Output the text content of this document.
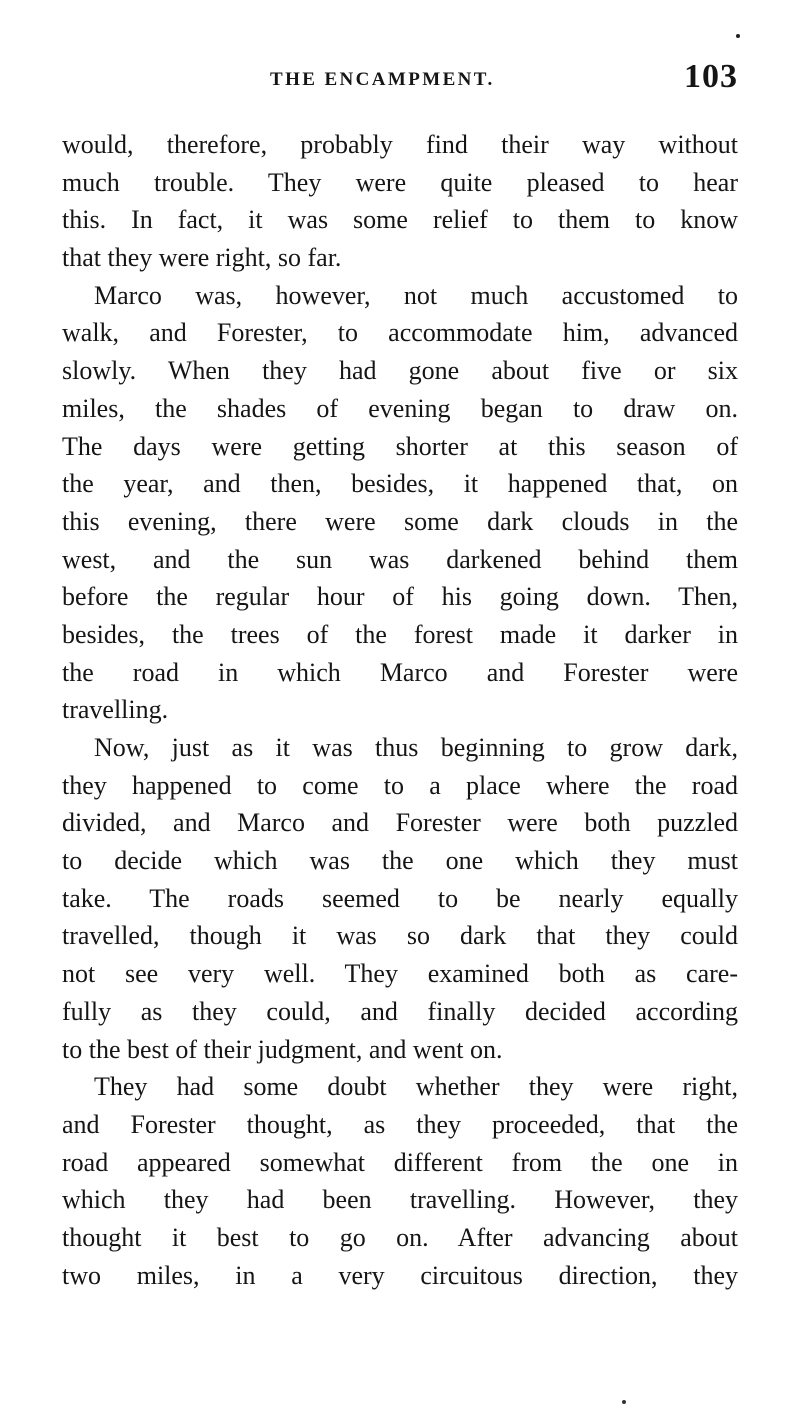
THE ENCAMPMENT.	103
would, therefore, probably find their way without
much trouble. They were quite pleased to hear
this. In fact, it was some relief to them to know
that they were right, so far.
Marco was, however, not much accustomed to
walk, and Forester, to accommodate him, advanced
slowly. When they had gone about five or six
miles, the shades of evening began to draw on.
The days were getting shorter at this season of
the year, and then, besides, it happened that, on
this evening, there were some dark clouds in the
west, and the sun was darkened behind them
before the regular hour of his going down. Then,
besides, the trees of the forest made it darker in
the road in which Marco and Forester were
travelling.
Now, just as it was thus beginning to grow dark,
they happened to come to a place where the road
divided, and Marco and Forester were both puzzled
to decide which was the one which they must
take. The roads seemed to be nearly equally
travelled, though it was so dark that they could
not see very well. They examined both as care-
fully as they could, and finally decided according
to the best of their judgment, and went on.
They had some doubt whether they were right,
and Forester thought, as they proceeded, that the
road appeared somewhat different from the one in
which they had been travelling. However, they
thought it best to go on. After advancing about
two miles, in a very circuitous direction, they
